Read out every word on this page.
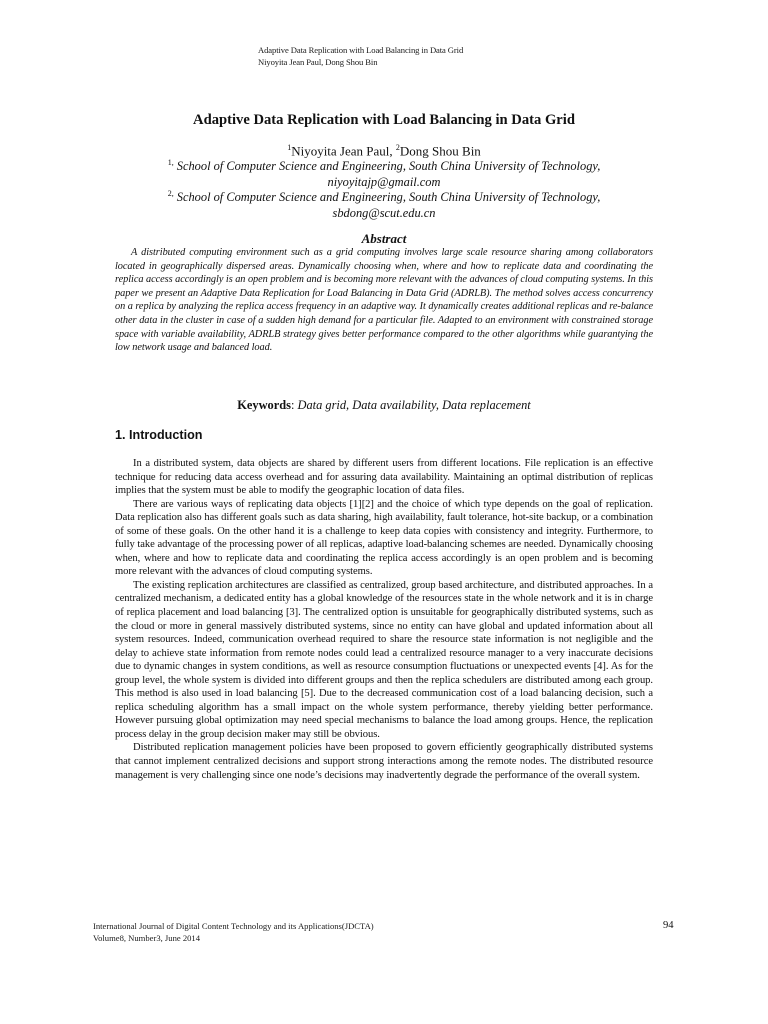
Adaptive Data Replication with Load Balancing in Data Grid
Niyoyita Jean Paul, Dong Shou Bin
Adaptive Data Replication with Load Balancing in Data Grid
$^1$Niyoyita Jean Paul, $^2$Dong Shou Bin
$^{1,}$ School of Computer Science and Engineering, South China University of Technology,
niyoyitajp@gmail.com
$^{2,}$ School of Computer Science and Engineering, South China University of Technology,
sbdong@scut.edu.cn
Abstract
A distributed computing environment such as a grid computing involves large scale resource sharing among collaborators located in geographically dispersed areas. Dynamically choosing when, where and how to replicate data and coordinating the replica access accordingly is an open problem and is becoming more relevant with the advances of cloud computing systems. In this paper we present an Adaptive Data Replication for Load Balancing in Data Grid (ADRLB). The method solves access concurrency on a replica by analyzing the replica access frequency in an adaptive way. It dynamically creates additional replicas and re-balance other data in the cluster in case of a sudden high demand for a particular file. Adapted to an environment with constrained storage space with variable availability, ADRLB strategy gives better performance compared to the other algorithms while guarantying the low network usage and balanced load.
Keywords: Data grid, Data availability, Data replacement
1. Introduction

In a distributed system, data objects are shared by different users from different locations. File replication is an effective technique for reducing data access overhead and for assuring data availability. Maintaining an optimal distribution of replicas implies that the system must be able to modify the geographic location of data files.

There are various ways of replicating data objects [1][2] and the choice of which type depends on the goal of replication. Data replication also has different goals such as data sharing, high availability, fault tolerance, hot-site backup, or a combination of some of these goals. On the other hand it is a challenge to keep data copies with consistency and integrity. Furthermore, to fully take advantage of the processing power of all replicas, adaptive load-balancing schemes are needed. Dynamically choosing when, where and how to replicate data and coordinating the replica access accordingly is an open problem and is becoming more relevant with the advances of cloud computing systems.

The existing replication architectures are classified as centralized, group based architecture, and distributed approaches. In a centralized mechanism, a dedicated entity has a global knowledge of the resources state in the whole network and it is in charge of replica placement and load balancing [3]. The centralized option is unsuitable for geographically distributed systems, such as the cloud or more in general massively distributed systems, since no entity can have global and updated information about all system resources. Indeed, communication overhead required to share the resource state information is not negligible and the delay to achieve state information from remote nodes could lead a centralized resource manager to a very inaccurate decisions due to dynamic changes in system conditions, as well as resource consumption fluctuations or unexpected events [4]. As for the group level, the whole system is divided into different groups and then the replica schedulers are distributed among each group. This method is also used in load balancing [5]. Due to the decreased communication cost of a load balancing decision, such a replica scheduling algorithm has a small impact on the whole system performance, thereby yielding better performance. However pursuing global optimization may need special mechanisms to balance the load among groups. Hence, the replication process delay in the group decision maker may still be obvious.

Distributed replication management policies have been proposed to govern efficiently geographically distributed systems that cannot implement centralized decisions and support strong interactions among the remote nodes. The distributed resource management is very challenging since one node’s decisions may inadvertently degrade the performance of the overall system.

International Journal of Digital Content Technology and its Applications(JDCTA)
Volume8, Number3, June 2014
94
